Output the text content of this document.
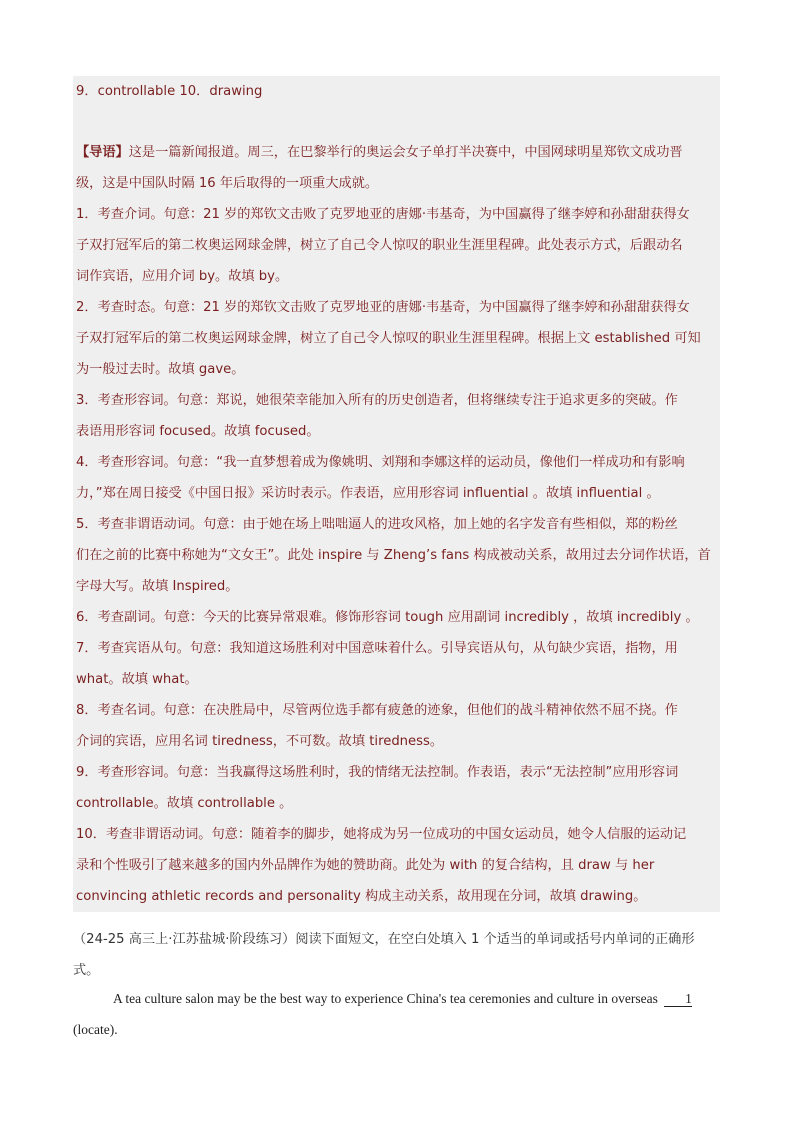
9．controllable 10．drawing
【导语】这是一篇新闻报道。周三，在巴黎举行的奥运会女子单打半决赛中，中国网球明星郑钦文成功晋
级，这是中国队时隔 16 年后取得的一项重大成就。
1．考查介词。句意：21 岁的郑钦文击败了克罗地亚的唐娜·韦基奇，为中国赢得了继李婷和孙甜甜获得女
子双打冠军后的第二枚奥运网球金牌，树立了自己令人惊叹的职业生涯里程碑。此处表示方式，后跟动名
词作宾语，应用介词 by。故填 by。
2．考查时态。句意：21 岁的郑钦文击败了克罗地亚的唐娜·韦基奇，为中国赢得了继李婷和孙甜甜获得女
子双打冠军后的第二枚奥运网球金牌，树立了自己令人惊叹的职业生涯里程碑。根据上文 established 可知
为一般过去时。故填 gave。
3．考查形容词。句意：郑说，她很荣幸能加入所有的历史创造者，但将继续专注于追求更多的突破。作
表语用形容词 focused。故填 focused。
4．考查形容词。句意：“我一直梦想着成为像姚明、刘翔和李娜这样的运动员，像他们一样成功和有影响
力，”郑在周日接受《中国日报》采访时表示。作表语，应用形容词 influential 。故填 influential 。
5．考查非谓语动词。句意：由于她在场上咄咄逼人的进攻风格，加上她的名字发音有些相似，郑的粉丝
们在之前的比赛中称她为“文女王”。此处 inspire 与 Zheng’s fans 构成被动关系，故用过去分词作状语，首
字母大写。故填 Inspired。
6．考查副词。句意：今天的比赛异常艰难。修饰形容词 tough 应用副词 incredibly ，故填 incredibly 。
7．考查宾语从句。句意：我知道这场胜利对中国意味着什么。引导宾语从句，从句缺少宾语，指物，用
what。故填 what。
8．考查名词。句意：在决胜局中，尽管两位选手都有疲惫的迹象，但他们的战斗精神依然不屈不挠。作
介词的宾语，应用名词 tiredness，不可数。故填 tiredness。
9．考查形容词。句意：当我赢得这场胜利时，我的情绪无法控制。作表语，表示“无法控制”应用形容词
controllable。故填 controllable 。
10．考查非谓语动词。句意：随着李的脚步，她将成为另一位成功的中国女运动员，她令人信服的运动记
录和个性吸引了越来越多的国内外品牌作为她的赞助商。此处为 with 的复合结构，且 draw 与 her
convincing athletic records and personality 构成主动关系，故用现在分词，故填 drawing。
（24-25 高三上·江苏盐城·阶段练习）阅读下面短文，在空白处填入 1 个适当的单词或括号内单词的正确形
式。
A tea culture salon may be the best way to experience China's tea ceremonies and culture in overseas 1
(locate).
